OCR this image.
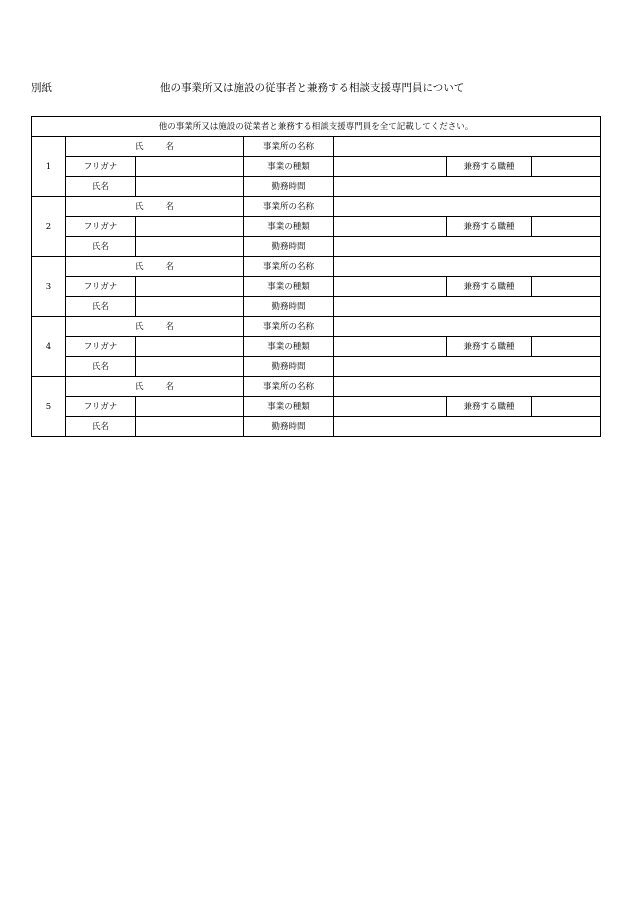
別紙	他の事業所又は施設の従事者と兼務する相談支援専門員について
他の事業所又は施設の従業者と兼務する相談支援専門員を全て記載してください。						
1	氏 名		事業所の名称			
	フリガナ		事業の種類		兼務する職種	
	氏名		勤務時間			
2	氏 名		事業所の名称			
	フリガナ		事業の種類		兼務する職種	
	氏名		勤務時間			
3	氏 名		事業所の名称			
	フリガナ		事業の種類		兼務する職種	
	氏名		勤務時間			
4	氏 名		事業所の名称			
	フリガナ		事業の種類		兼務する職種	
	氏名		勤務時間			
5	氏 名		事業所の名称			
	フリガナ		事業の種類		兼務する職種	
	氏名		勤務時間			
